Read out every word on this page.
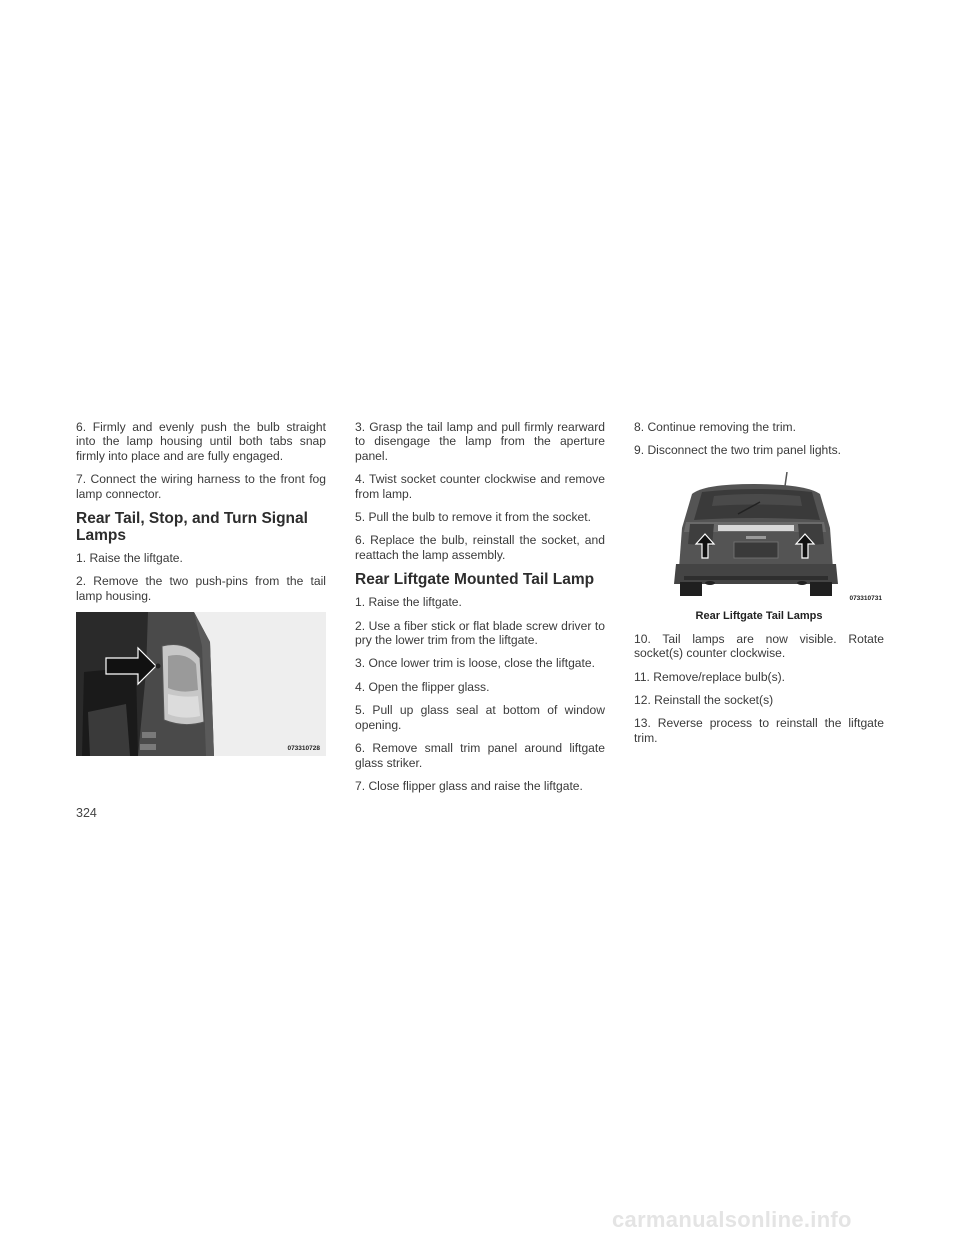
6. Firmly and evenly push the bulb straight into the lamp housing until both tabs snap firmly into place and are fully engaged.

7. Connect the wiring harness to the front fog lamp connector.

Rear Tail, Stop, and Turn Signal Lamps

1. Raise the liftgate.

2. Remove the two push-pins from the tail lamp housing.

073310728

3. Grasp the tail lamp and pull firmly rearward to disengage the lamp from the aperture panel.

4. Twist socket counter clockwise and remove from lamp.

5. Pull the bulb to remove it from the socket.

6. Replace the bulb, reinstall the socket, and reattach the lamp assembly.

Rear Liftgate Mounted Tail Lamp

1. Raise the liftgate.

2. Use a fiber stick or flat blade screw driver to pry the lower trim from the liftgate.

3. Once lower trim is loose, close the liftgate.

4. Open the flipper glass.

5. Pull up glass seal at bottom of window opening.

6. Remove small trim panel around liftgate glass striker.

7. Close flipper glass and raise the liftgate.

8. Continue removing the trim.

9. Disconnect the two trim panel lights.

073310731
Rear Liftgate Tail Lamps

10. Tail lamps are now visible. Rotate socket(s) counter clockwise.

11. Remove/replace bulb(s).

12. Reinstall the socket(s)

13. Reverse process to reinstall the liftgate trim.

324
carmanualsonline.info
